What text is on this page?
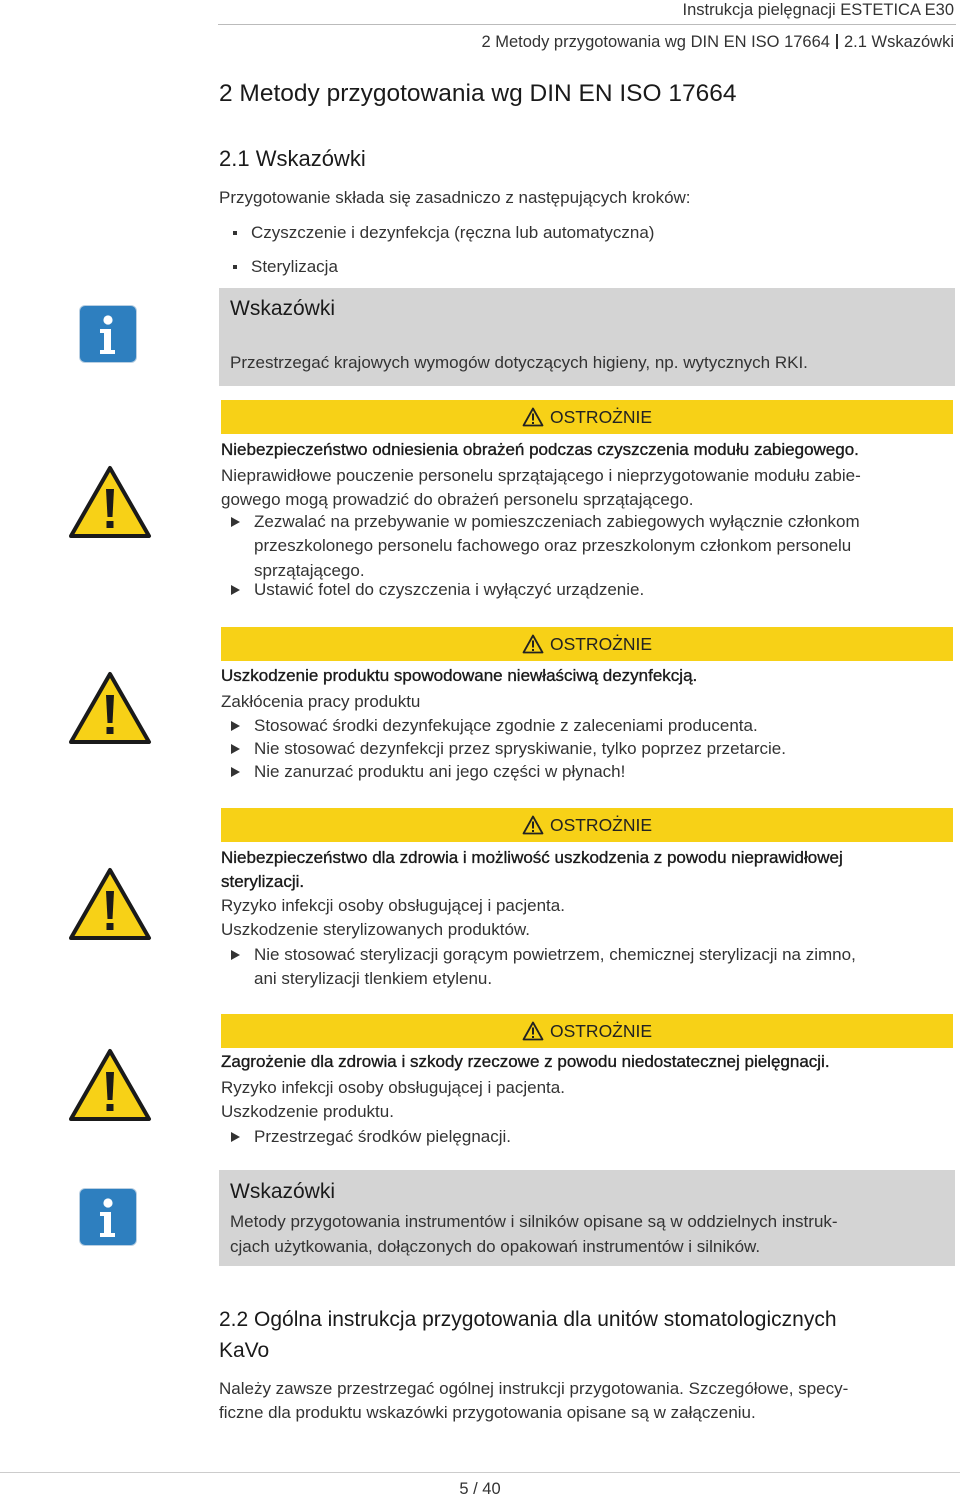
Instrukcja pielęgnacji ESTETICA E30
2 Metody przygotowania wg DIN EN ISO 17664 2.1 Wskazówki
2 Metody przygotowania wg DIN EN ISO 17664
2.1 Wskazówki
Przygotowanie składa się zasadniczo z następujących kroków:
Czyszczenie i dezynfekcja (ręczna lub automatyczna)
Sterylizacja
Wskazówki
Przestrzegać krajowych wymogów dotyczących higieny, np. wytycznych RKI.
OSTROŻNIE
Niebezpieczeństwo odniesienia obrażeń podczas czyszczenia modułu zabiegowego.
Nieprawidłowe pouczenie personelu sprzątającego i nieprzygotowanie modułu zabie-
gowego mogą prowadzić do obrażeń personelu sprzątającego.
Zezwalać na przebywanie w pomieszczeniach zabiegowych wyłącznie członkom
przeszkolonego personelu fachowego oraz przeszkolonym członkom personelu
sprzątającego.
Ustawić fotel do czyszczenia i wyłączyć urządzenie.
OSTROŻNIE
Uszkodzenie produktu spowodowane niewłaściwą dezynfekcją.
Zakłócenia pracy produktu
Stosować środki dezynfekujące zgodnie z zaleceniami producenta.
Nie stosować dezynfekcji przez spryskiwanie, tylko poprzez przetarcie.
Nie zanurzać produktu ani jego części w płynach!
OSTROŻNIE
Niebezpieczeństwo dla zdrowia i możliwość uszkodzenia z powodu nieprawidłowej
sterylizacji.
Ryzyko infekcji osoby obsługującej i pacjenta.
Uszkodzenie sterylizowanych produktów.
Nie stosować sterylizacji gorącym powietrzem, chemicznej sterylizacji na zimno,
ani sterylizacji tlenkiem etylenu.
OSTROŻNIE
Zagrożenie dla zdrowia i szkody rzeczowe z powodu niedostatecznej pielęgnacji.
Ryzyko infekcji osoby obsługującej i pacjenta.
Uszkodzenie produktu.
Przestrzegać środków pielęgnacji.
Wskazówki
Metody przygotowania instrumentów i silników opisane są w oddzielnych instruk-
cjach użytkowania, dołączonych do opakowań instrumentów i silników.
2.2 Ogólna instrukcja przygotowania dla unitów stomatologicznych
KaVo
Należy zawsze przestrzegać ogólnej instrukcji przygotowania. Szczegółowe, specy-
ficzne dla produktu wskazówki przygotowania opisane są w załączeniu.
5 / 40
